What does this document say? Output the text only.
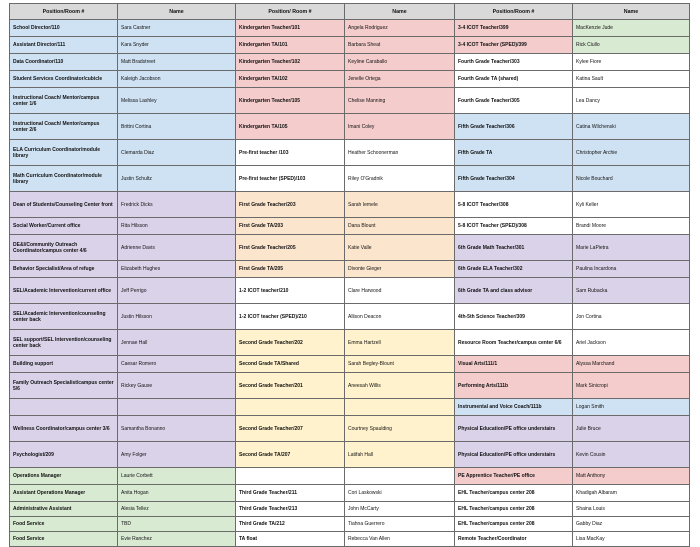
Position/Room #	Name	Position/ Room #	Name	Position/Room #	Name
School Director/110	Sara Castner	Kindergarten Teacher/101	Angela Rodriguez	3-4 ICOT Teacher/399	MacKenzie Jude
Assistant Director/111	Kara Snyder	Kindergarten TA/101	Barbara Sheat	3-4 ICOT Teacher (SPED)/399	Rick Ciullo
Data Coordinator/110	Matt Bradstreet	Kindergarten Teacher/102	Keyline Caraballo	Fourth Grade Teacher/303	Kylee Fiore
Student Services Coordinator/cubicle	Kaleigh Jacobson	Kindergarten TA/102	Jenelle Ortega	Fourth Grade TA (shared)	Katina Sault
Instructional Coach/ Mentor/campus center 1/6	Melissa Lashley	Kindergarten Teacher/105	Chelise Manning	Fourth Grade Teacher/305	Lea Dancy
Instructional Coach/ Mentor/campus center 2/6	Brittni Cortina	Kindergarten TA/105	Imani Coley	Fifth Grade Teacher/306	Catina Wilchenski
ELA Curriculum Coordinator/module library	Clemarda Diaz	Pre-first teacher /103	Heather Schoonerman	Fifth Grade TA	Christopher Archie
Math Curriculum Coordinator/module library	Justin Schultz	Pre-first teacher (SPED)/103	Riley O'Gradnik	Fifth Grade Teacher/304	Nicole Bouchard
Dean of Students/Counseling Center front	Fredrick Dicks	First Grade Teacher/203	Sarah Iemele	5-8 ICOT Teacher/308	Kyli Keller
Social Worker/Current office	Rita Hilsson	First Grade TA/203	Dana Blount	5-8 ICOT Teacher (SPED)/308	Brandi Moore
DE&I/Community Outreach Coordinator/campus center 4/6	Adrienne Davis	First Grade Teacher/205	Katie Valle	6th Grade Math Teacher/301	Marie LaPietra
Behavior Specialist/Area of refuge	Elizabeth Hughes	First Grade TA/205	Divonte Gieger	6th Grade ELA Teacher/302	Paulina Incardona
SEL/Academic Intervention/current office	Jeff Perrigo	1-2 ICOT teacher/210	Clare Harwood	6th Grade TA and class advisor	Sam Rubacka
SEL/Academic Intervention/counseling center back	Justin Hilsson	1-2 ICOT teacher (SPED)/210	Allison Deacon	4th-5th Science Teacher/309	Jon Cortina
SEL support/SEL Intervention/counseling center back	Jennae Hall	Second Grade Teacher/202	Emma Hartzell	Resource Room Teacher/campus center 6/6	Ariel Jackson
Building support	Caesar Romero	Second Grade TA/Shared	Sarah Begley-Blount	Visual Arts/111/1	Alyssa Marchand
Family Outreach Specialist/campus center 5/6	Rickey Gause	Second Grade Teacher/201	Aneesah Willis	Performing Arts/111b	Mark Sinicropi
				Instrumental and Voice Coach/111b	Logan Smith
Wellness Coordinator/campus center 3/6	Samantha Bonanno	Second Grade Teacher/207	Courtney Spaulding	Physical Education/PE office understairs	Julie Bruce
Psychologist/209	Amy Folger	Second Grade TA/207	Latifah Hall	Physical Education/PE office understairs	Kevin Cousin
Operations Manager	Laurie Corbett			PE Apprentice Teacher/PE office	Matt Anthony
Assistant Operations Manager	Anita Hogan	Third Grade Teacher/211	Cori Laskowski	EHL Teacher/campus center 208	Khadigah Albaram
Administrative Assistant	Alesia Tellez	Third Grade Teacher/213	John McCarty	EHL Teacher/campus center 208	Shaina Louis
Food Service	TBD	Third Grade TA/212	Tiahna Guerrero	EHL Teacher/campus center 208	Gabby Diaz
Food Service	Evie Ranchez	TA float	Rebecca Van Allen	Remote Teacher/Coordinator	Lisa MacKay
